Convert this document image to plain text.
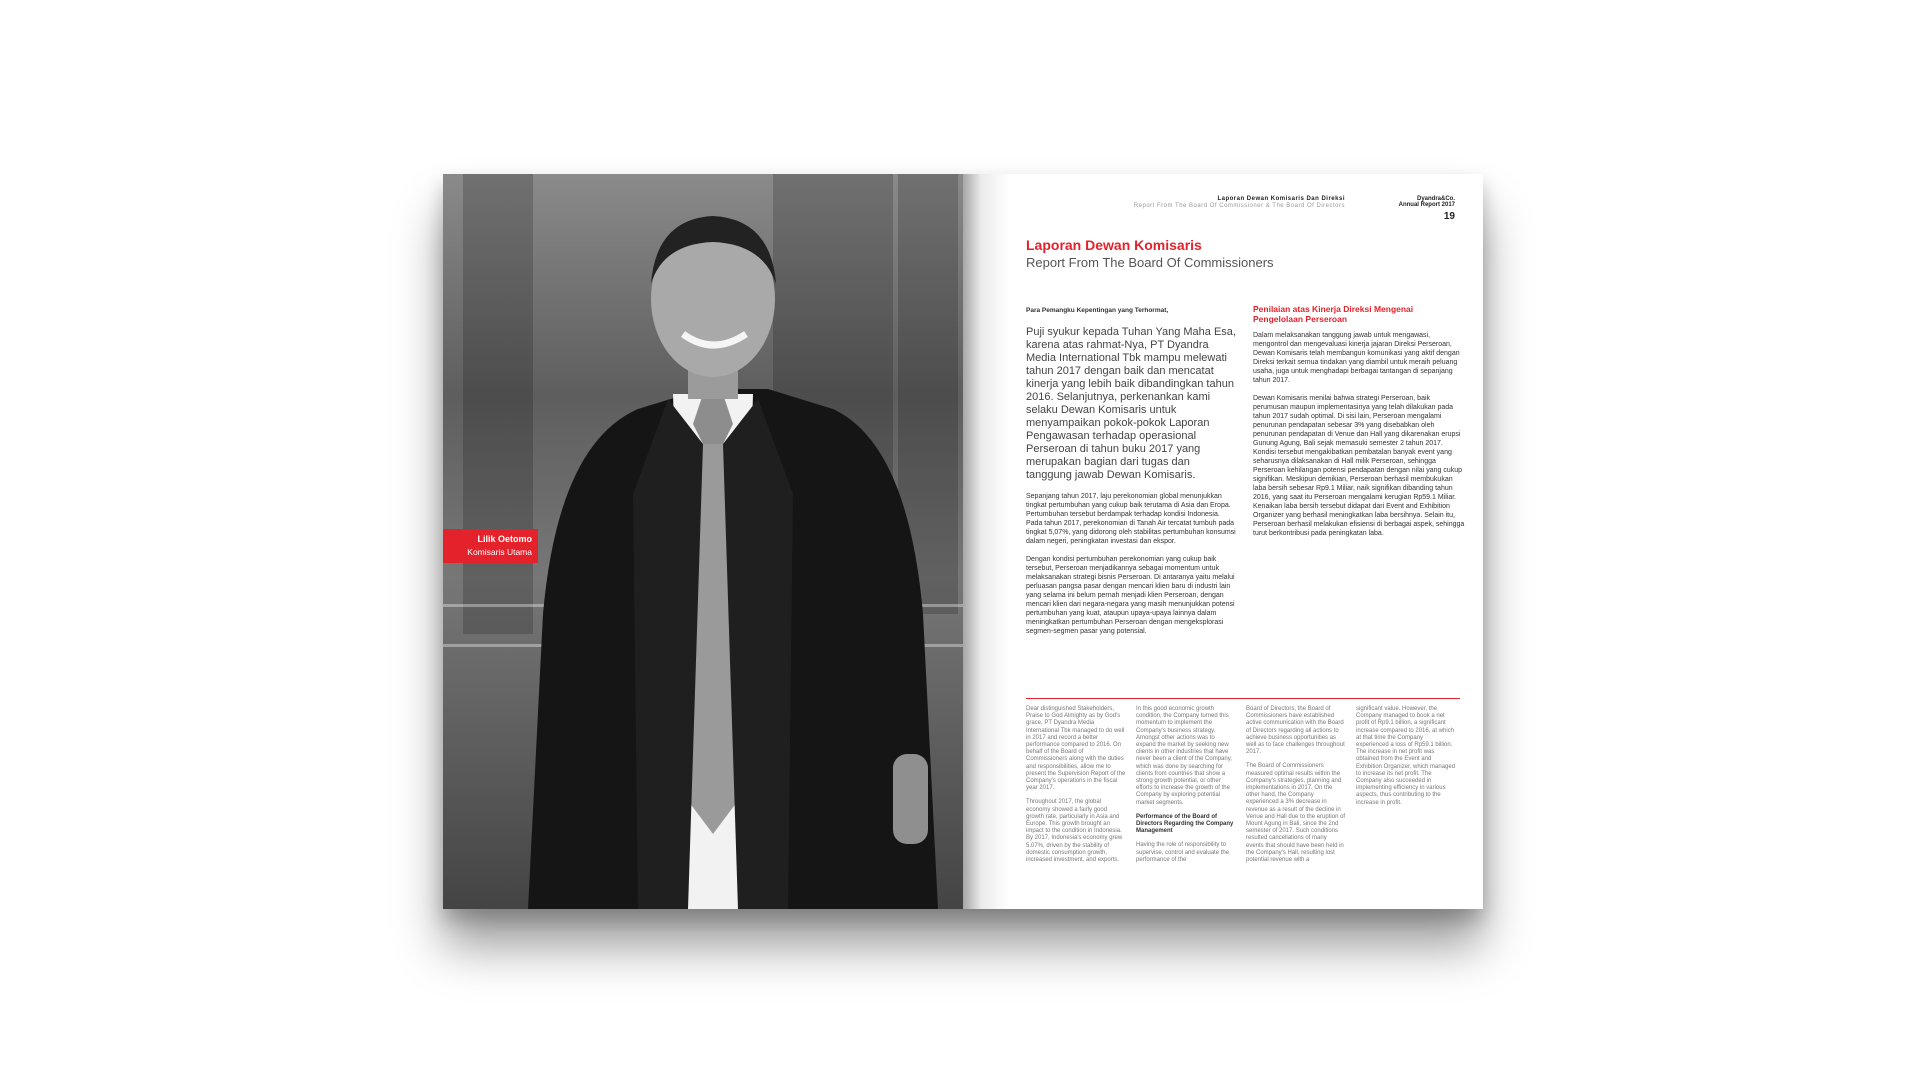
Lilik Oetomo
Komisaris Utama
Laporan Dewan Komisaris Dan Direksi
Report From The Board Of Commissioner & The Board Of Directors
Dyandra&Co.
Annual Report 2017
19
Laporan Dewan Komisaris
Report From The Board Of Commissioners

Para Pemangku Kepentingan yang Terhormat,

Puji syukur kepada Tuhan Yang Maha Esa, karena atas rahmat-Nya, PT Dyandra Media International Tbk mampu melewati tahun 2017 dengan baik dan mencatat kinerja yang lebih baik dibandingkan tahun 2016. Selanjutnya, perkenankan kami selaku Dewan Komisaris untuk menyampaikan pokok-pokok Laporan Pengawasan terhadap operasional Perseroan di tahun buku 2017 yang merupakan bagian dari tugas dan tanggung jawab Dewan Komisaris.

Sepanjang tahun 2017, laju perekonomian global menunjukkan tingkat pertumbuhan yang cukup baik terutama di Asia dan Eropa. Pertumbuhan tersebut berdampak terhadap kondisi Indonesia. Pada tahun 2017, perekonomian di Tanah Air tercatat tumbuh pada tingkat 5,07%, yang didorong oleh stabilitas pertumbuhan konsumsi dalam negeri, peningkatan investasi dan ekspor.

Dengan kondisi pertumbuhan perekonomian yang cukup baik tersebut, Perseroan menjadikannya sebagai momentum untuk melaksanakan strategi bisnis Perseroan. Di antaranya yaitu melalui perluasan pangsa pasar dengan mencari klien baru di industri lain yang selama ini belum pernah menjadi klien Perseroan, dengan mencari klien dari negara-negara yang masih menunjukkan potensi pertumbuhan yang kuat, ataupun upaya-upaya lainnya dalam meningkatkan pertumbuhan Perseroan dengan mengeksplorasi segmen-segmen pasar yang potensial.

Penilaian atas Kinerja Direksi Mengenai Pengelolaan Perseroan

Dalam melaksanakan tanggung jawab untuk mengawasi, mengontrol dan mengevaluasi kinerja jajaran Direksi Perseroan, Dewan Komisaris telah membangun komunikasi yang aktif dengan Direksi terkait semua tindakan yang diambil untuk meraih peluang usaha, juga untuk menghadapi berbagai tantangan di sepanjang tahun 2017.

Dewan Komisaris menilai bahwa strategi Perseroan, baik perumusan maupun implementasinya yang telah dilakukan pada tahun 2017 sudah optimal. Di sisi lain, Perseroan mengalami penurunan pendapatan sebesar 3% yang disebabkan oleh penurunan pendapatan di Venue dan Hall yang dikarenakan erupsi Gunung Agung, Bali sejak memasuki semester 2 tahun 2017. Kondisi tersebut mengakibatkan pembatalan banyak event yang seharusnya dilaksanakan di Hall milik Perseroan, sehingga Perseroan kehilangan potensi pendapatan dengan nilai yang cukup signifikan. Meskipun demikian, Perseroan berhasil membukukan laba bersih sebesar Rp9.1 Miliar, naik signifikan dibanding tahun 2016, yang saat itu Perseroan mengalami kerugian Rp59.1 Miliar. Kenaikan laba bersih tersebut didapat dari Event and Exhibition Organizer yang berhasil meningkatkan laba bersihnya. Selain itu, Perseroan berhasil melakukan efisiensi di berbagai aspek, sehingga turut berkontribusi pada peningkatan laba.

Dear distinguished Stakeholders, Praise to God Almighty as by God's grace, PT Dyandra Media International Tbk managed to do well in 2017 and record a better performance compared to 2016. On behalf of the Board of Commissioners along with the duties and responsibilities, allow me to present the Supervision Report of the Company's operations in the fiscal year 2017.

Throughout 2017, the global economy showed a fairly good growth rate, particularly in Asia and Europe. This growth brought an impact to the condition in Indonesia. By 2017, Indonesia's economy grew 5.07%, driven by the stability of domestic consumption growth, increased investment, and exports.

In this good economic growth condition, the Company turned this momentum to implement the Company's business strategy. Amongst other actions was to expand the market by seeking new clients in other industries that have never been a client of the Company, which was done by searching for clients from countries that show a strong growth potential, or other efforts to increase the growth of the Company by exploring potential market segments.

Performance of the Board of Directors Regarding the Company Management

Having the role of responsibility to supervise, control and evaluate the performance of the

Board of Directors, the Board of Commissioners have established active communication with the Board of Directors regarding all actions to achieve business opportunities as well as to face challenges throughout 2017.

The Board of Commissioners measured optimal results within the Company's strategies, planning and implementations in 2017. On the other hand, the Company experienced a 3% decrease in revenue as a result of the decline in Venue and Hall due to the eruption of Mount Agung in Bali, since the 2nd semester of 2017. Such conditions resulted cancellations of many events that should have been held in the Company's Hall, resulting lost potential revenue with a

significant value. However, the Company managed to book a net profit of Rp9.1 billion, a significant increase compared to 2016, at which at that time the Company experienced a loss of Rp59.1 billion. The increase in net profit was obtained from the Event and Exhibition Organizer, which managed to increase its net profit. The Company also succeeded in implementing efficiency in various aspects, thus contributing to the increase in profit.
